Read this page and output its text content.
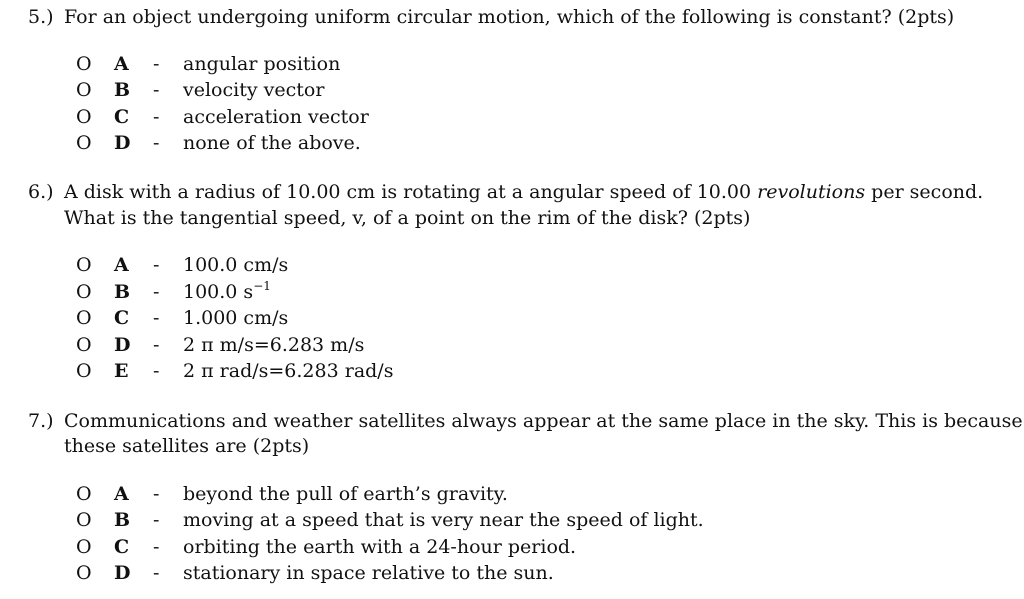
5.) For an object undergoing uniform circular motion, which of the following is constant? (2pts)
O A - angular position
O B - velocity vector
O C - acceleration vector
O D - none of the above.
6.) A disk with a radius of 10.00 cm is rotating at a angular speed of 10.00 revolutions per second.
What is the tangential speed, v, of a point on the rim of the disk? (2pts)
O A - 100.0 cm/s
O B - 100.0 $s^{-1}$
O C - 1.000 cm/s
O D - 2 π m/s=6.283 m/s
O E - 2 π rad/s=6.283 rad/s
7.) Communications and weather satellites always appear at the same place in the sky. This is because
these satellites are (2pts)
O A - beyond the pull of earth’s gravity.
O B - moving at a speed that is very near the speed of light.
O C - orbiting the earth with a 24-hour period.
O D - stationary in space relative to the sun.
